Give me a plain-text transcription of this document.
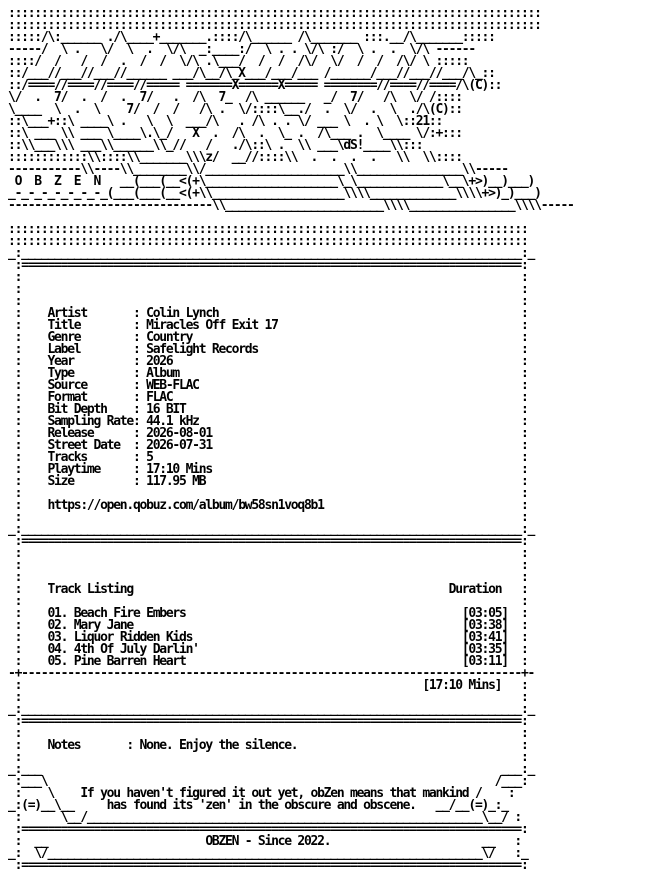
:::::::::::::::::::::::::::::::::::::::::::::::::::::::::::::::::::::::::::::::::
:::::::::::::::::::::::::::::::::::::::::::::::::::::::::::::::::::::::::::::::::
:::::/\:______ ./\____+_______.::::/\______ /\_______ :::.__/\_______:::::
-----/  \ .   \/  \  .  \/\  _:____:/  \ . . \/\ :/  \ .  .  \/\ ------
::::/  /   /  /  .  /  /  \/\ .\___/  /  /  /\/  \/  /  /  /\/ \ :::::
::/___//___//___//______ ___/\__/\_X___/___/___ /______/___//___//___/\_::
::/====//====//====//===== =======X======X===== ========//====//====/\(C)::
\/  .  7/  .  /  .  7/   .  /\  7_  /\ ______   _/  7/   /\  \/ /::::
\____  \  .  \    7/  /  /   /\ .  \/::::\__./  .  \/  .  \  ./\(C)::
::\___+::\ ____\ .   \  \  ___/\   . /\ . . \/ ___ \  . \  \::21::
::\ ___ \\ ___ \____\.\_/   X  .  /\  .  \_ .  /\___ .  \____ \/:+:::
::\\___\\\ ___\\______\\_//   /   ./\::\ .  \\ ___\dS!____\\:::
::::::::::::\\::::\\_______\\\z/  __//::::\\  .  .  .  .   \\  \\::::
-----------\\----\\________\\/_____________________\\________________\\-----
O  B  Z  E  N   __(___(__<(+\____________________\_\_____________\__\+>)__)___)
_-_-_-_-_-_-_-_(___(___(__<(+\\____________________\\\\_____________\\\\+>)_)___)
-------------------------------\\________________________\\\\________________\\\\-----

:::::::::::::::::::::::::::::::::::::::::::::::::::::::::::::::::::::::::::::::
:::::::::::::::::::::::::::::::::::::::::::::::::::::::::::::::::::::::::::::::
_:____________________________________________________________________________:_
:============================================================================:
:                                                                            :
:                                                                            :
:                                                                            :
:    Artist       : Colin Lynch                                              :
:    Title        : Miracles Off Exit 17                                     :
:    Genre        : Country                                                  :
:    Label        : Safelight Records                                        :
:    Year         : 2026                                                     :
:    Type         : Album                                                    :
:    Source       : WEB-FLAC                                                 :
:    Format       : FLAC                                                     :
:    Bit Depth    : 16 BIT                                                   :
:    Sampling Rate: 44.1 kHz                                                 :
:    Release      : 2026-08-01                                               :
:    Street Date  : 2026-07-31                                               :
:    Tracks       : 5                                                        :
:    Playtime     : 17:10 Mins                                               :
:    Size         : 117.95 MB                                                :
:                                                                            :
:    https://open.qobuz.com/album/bw58sn1voq8b1                              :
:                                                                            :
_:____________________________________________________________________________:_
:============================================================================:
:                                                                            :
:                                                                            :
:                                                                            :
:    Track Listing	Duration   :
:                                                                            :
:    01. Beach Fire Embers	[03:05]  :
:    02. Mary Jane	[03:38]  :
:    03. Liquor Ridden Kids	[03:41]  :
:    04. 4th Of July Darlin'	[03:35]  :
:    05. Pine Barren Heart	[03:11]  :
-+----------------------------------------------------------------------------+-
:	[17:10 Mins]   :
:                                                                            :
_:____________________________________________________________________________:_
:============================================================================:
:                                                                            :
:    Notes       : None. Enjoy the silence.                                  :
:                                                                            :
_:___                                                                      ___:_
:___\                                                                    /___:
:    \    If you haven't figured it out yet, obZen means that mankind /    :
_:(=)__\__     has found its 'zen' in the obscure and obscene.   __/__(=)_:_
:      \__/____________________________________________________________\__/ :
:============================================================================:
:  __	OBZEN - Since 2022.                       __   :
_:  \/__________________________________________________________________\/   :_
:============================================================================:
